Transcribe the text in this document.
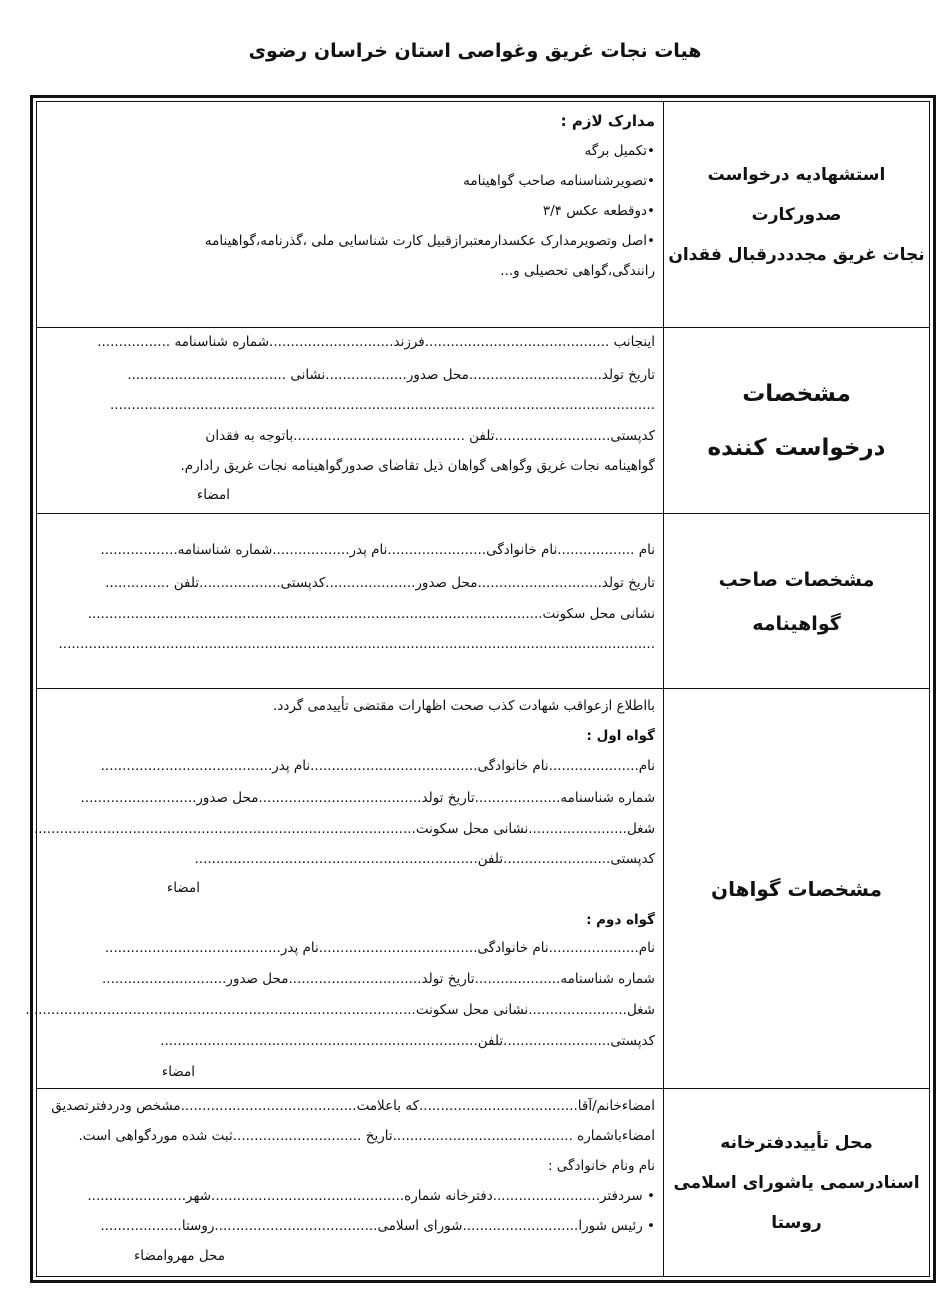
هیات نجات غریق وغواصی استان خراسان رضوی
استشهادیه درخواست
صدورکارت
نجات غریق مجدددرقبال فقدان
مدارک لازم :
•تکمیل برگه
•تصویرشناسنامه صاحب گواهینامه
•دوقطعه عکس ۳/۴
•اصل وتصویرمدارک عکسدارمعتبرازقبیل کارت شناسایی ملی ،گذرنامه،گواهینامه
رانندگی،گواهی تحصیلی و...
مشخصات
درخواست کننده
اینجانب ...........................................فرزند.............................شماره شناسنامه .................
تاریخ تولد...............................محل صدور...................نشانی .....................................
...............................................................................................................................
کدپستی...........................تلفن ........................................باتوجه به فقدان
گواهینامه نجات غریق وگواهی گواهان ذیل تقاضای صدورگواهینامه نجات غریق رادارم.
امضاء
مشخصات صاحب
گواهینامه
نام ..................نام خانوادگی.......................نام پدر..................شماره شناسنامه..................
تاریخ تولد.............................محل صدور.....................کدپستی...................تلفن ...............
نشانی محل سکونت..........................................................................................................
...........................................................................................................................................
مشخصات گواهان
بااطلاع ازعواقب شهادت کذب صحت اظهارات مقتضی تأییدمی گردد.
گواه اول :
نام.....................نام خانوادگی.......................................نام پدر........................................
شماره شناسنامه....................تاریخ تولد......................................محل صدور...........................
شغل.......................نشانی محل سکونت..........................................................................................
کدپستی.........................تلفن..................................................................
امضاء
گواه دوم :
نام.....................نام خانوادگی.....................................نام پدر.........................................
شماره شناسنامه....................تاریخ تولد...............................محل صدور.............................
شغل.......................نشانی محل سکونت...........................................................................................
کدپستی.........................تلفن..........................................................................
امضاء
محل تأییددفترخانه
اسنادرسمی یاشورای اسلامی
روستا
امضاءخانم/آقا.....................................که باعلامت.........................................مشخص ودردفترتصدیق
امضاءباشماره ..........................................تاریخ ..............................ثبت شده موردگواهی است.
نام ونام خانوادگی :
• سردفتر.........................دفترخانه شماره.............................................شهر.......................
• رئیس شورا...........................شورای اسلامی......................................روستا...................
محل مهروامضاء
